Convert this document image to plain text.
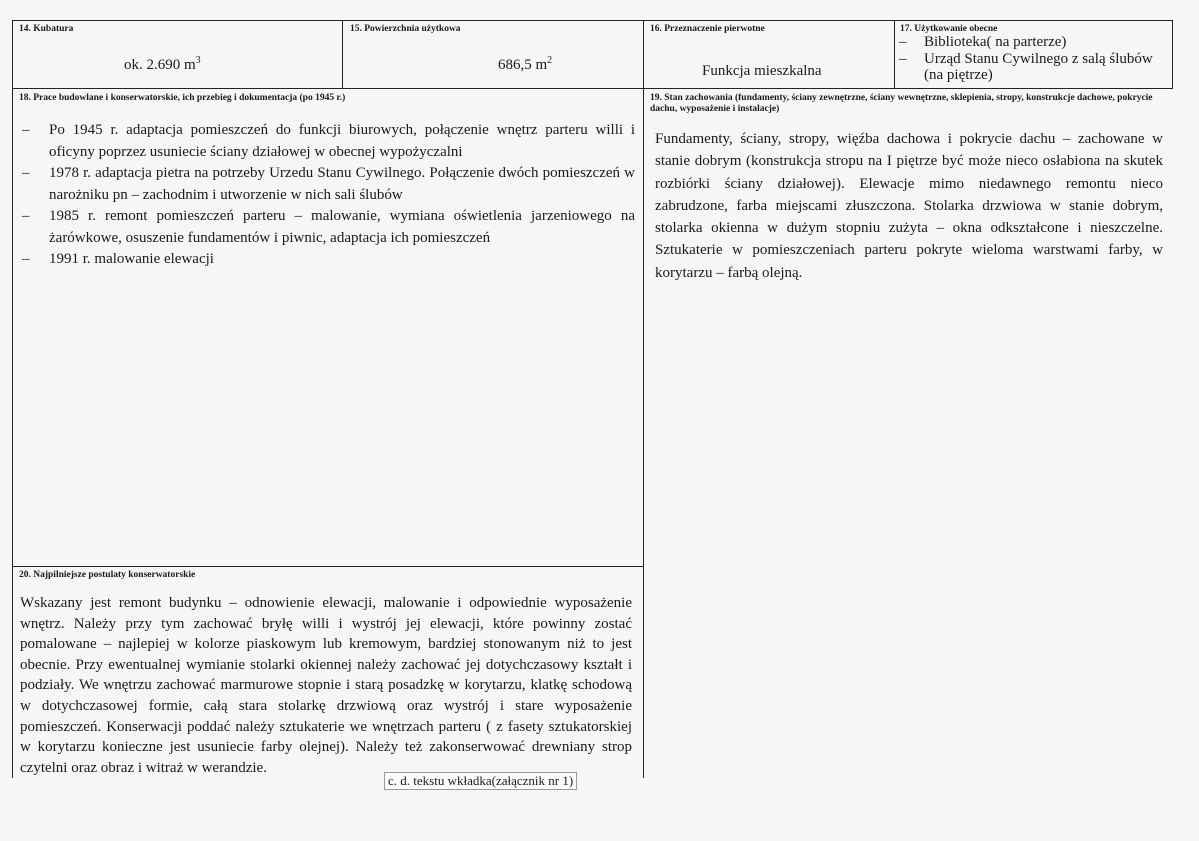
14. Kubatura
ok. 2.690 $m^3$
15. Powierzchnia użytkowa
686,5 $m^2$
16. Przeznaczenie pierwotne
Funkcja mieszkalna
17. Użytkowanie obecne
– Biblioteka( na parterze)
– Urząd Stanu Cywilnego z salą ślubów
(na piętrze)
18. Prace budowlane i konserwatorskie, ich przebieg i dokumentacja (po 1945 r.)
– Po 1945 r. adaptacja pomieszczeń do funkcji biurowych, połączenie wnętrz parteru willi i oficyny poprzez usuniecie ściany działowej w obecnej wypożyczalni
– 1978 r. adaptacja pietra na potrzeby Urzedu Stanu Cywilnego. Połączenie dwóch pomieszczeń w narożniku pn – zachodnim i utworzenie w nich sali ślubów
– 1985 r. remont pomieszczeń parteru – malowanie, wymiana oświetlenia jarzeniowego na żarówkowe, osuszenie fundamentów i piwnic, adaptacja ich pomieszczeń
– 1991 r. malowanie elewacji
19. Stan zachowania (fundamenty, ściany zewnętrzne, ściany wewnętrzne, sklepienia, stropy, konstrukcje dachowe, pokrycie dachu, wyposażenie i instalacje)
Fundamenty, ściany, stropy, więźba dachowa i pokrycie dachu – zachowane w stanie dobrym (konstrukcja stropu na I piętrze być może nieco osłabiona na skutek rozbiórki ściany działowej). Elewacje mimo niedawnego remontu nieco zabrudzone, farba miejscami złuszczona. Stolarka drzwiowa w stanie dobrym, stolarka okienna w dużym stopniu zużyta – okna odkształcone i nieszczelne. Sztukaterie w pomieszczeniach parteru pokryte wieloma warstwami farby, w korytarzu – farbą olejną.
20. Najpilniejsze postulaty konserwatorskie
Wskazany jest remont budynku – odnowienie elewacji, malowanie i odpowiednie wyposażenie wnętrz. Należy przy tym zachować bryłę willi i wystrój jej elewacji, które powinny zostać pomalowane – najlepiej w kolorze piaskowym lub kremowym, bardziej stonowanym niż to jest obecnie. Przy ewentualnej wymianie stolarki okiennej należy zachować jej dotychczasowy kształt i podziały. We wnętrzu zachować marmurowe stopnie i starą posadzkę w korytarzu, klatkę schodową w dotychczasowej formie, całą stara stolarkę drzwiową oraz wystrój i stare wyposażenie pomieszczeń. Konserwacji poddać należy sztukaterie we wnętrzach parteru ( z fasety sztukatorskiej w korytarzu konieczne jest usuniecie farby olejnej). Należy też zakonserwować drewniany strop czytelni oraz obraz i witraż w werandzie.
c. d. tekstu wkładka(załącznik nr 1)
